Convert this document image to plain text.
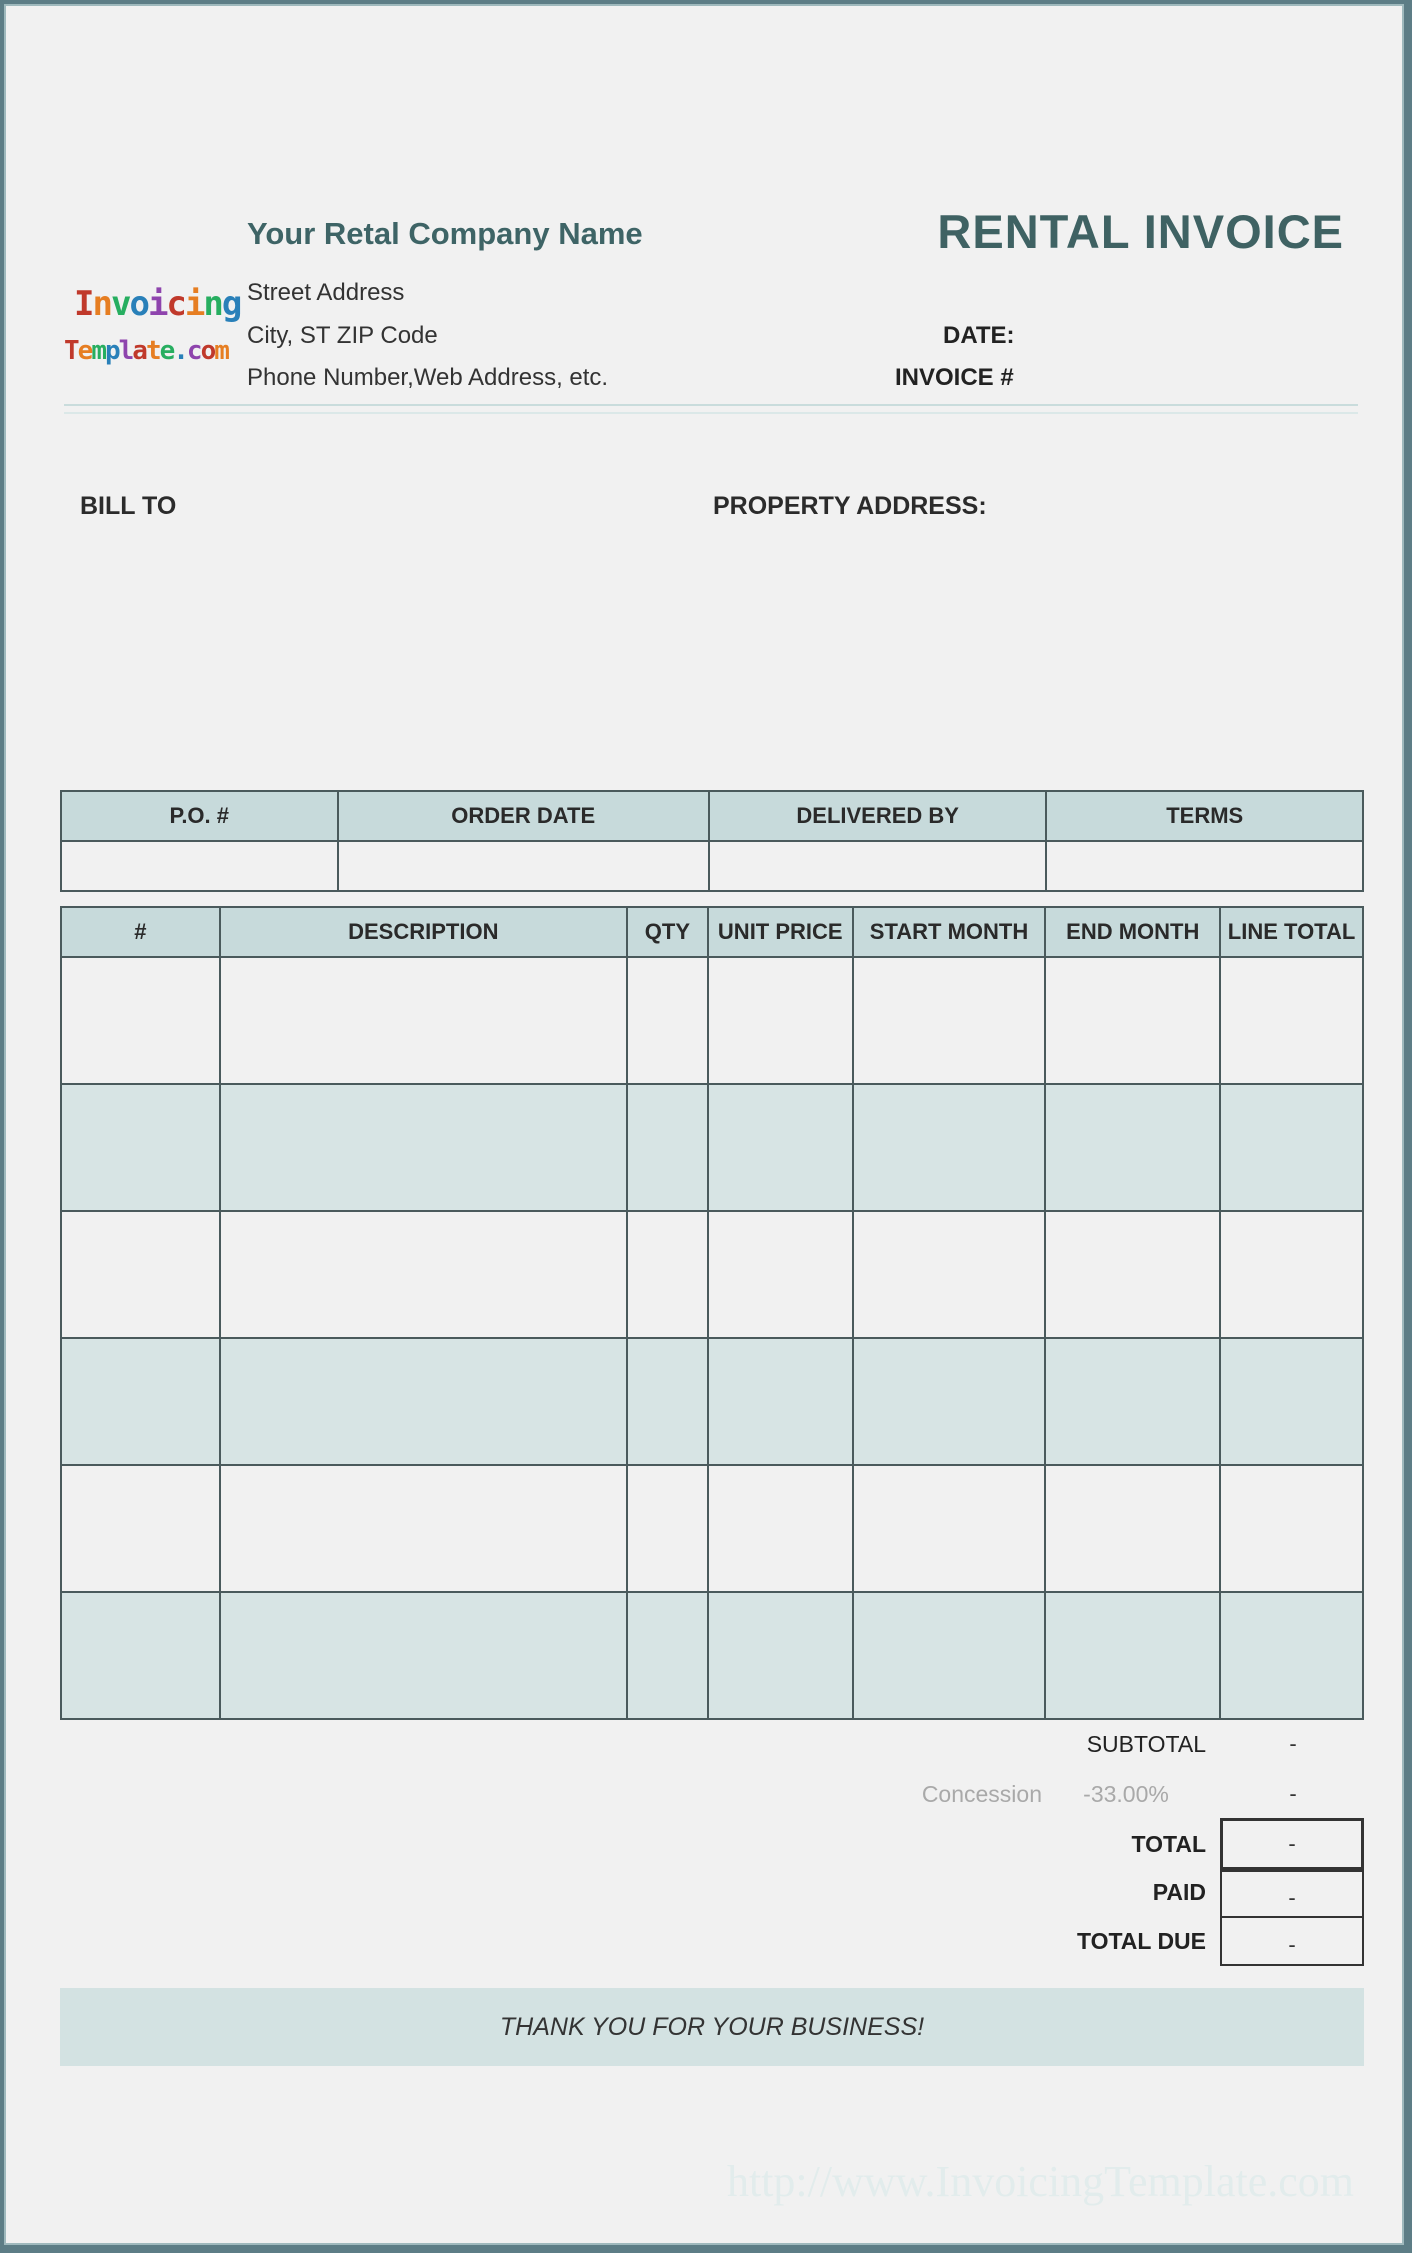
Invoicing
Template.com
Your Retal Company Name
Street Address
City, ST ZIP Code
Phone Number,Web Address, etc.
RENTAL INVOICE
DATE:
INVOICE #
BILL TO	PROPERTY ADDRESS:
P.O. #	ORDER DATE	DELIVERED BY	TERMS

#	DESCRIPTION	QTY	UNIT PRICE	START MONTH	END MONTH	LINE TOTAL

SUBTOTAL	-
Concession	-33.00%	-
TOTAL	-
PAID	-
TOTAL DUE	-
THANK YOU FOR YOUR BUSINESS!
http://www.InvoicingTemplate.com
